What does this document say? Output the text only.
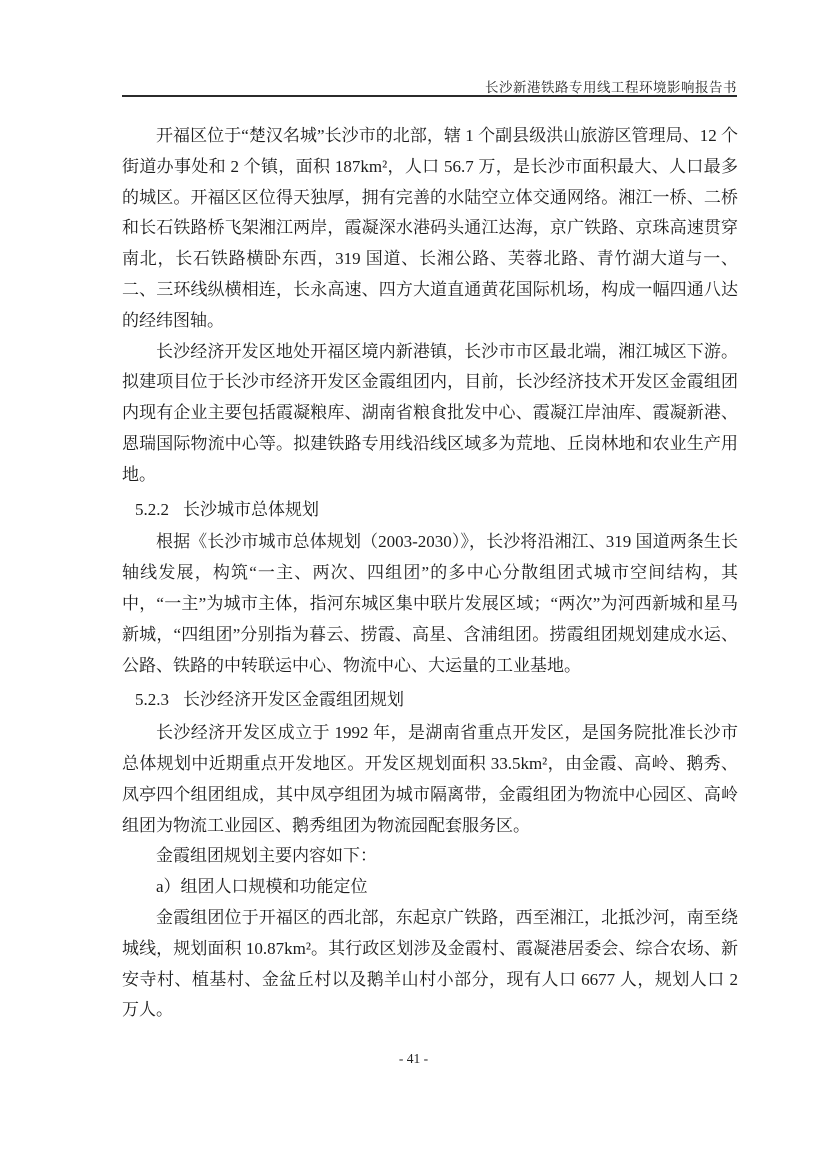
长沙新港铁路专用线工程环境影响报告书

开福区位于“楚汉名城”长沙市的北部，辖 1 个副县级洪山旅游区管理局、12 个街道办事处和 2 个镇，面积 187km²，人口 56.7 万，是长沙市面积最大、人口最多的城区。开福区区位得天独厚，拥有完善的水陆空立体交通网络。湘江一桥、二桥和长石铁路桥飞架湘江两岸，霞凝深水港码头通江达海，京广铁路、京珠高速贯穿南北，长石铁路横卧东西，319 国道、长湘公路、芙蓉北路、青竹湖大道与一、二、三环线纵横相连，长永高速、四方大道直通黄花国际机场，构成一幅四通八达的经纬图轴。

长沙经济开发区地处开福区境内新港镇，长沙市市区最北端，湘江城区下游。拟建项目位于长沙市经济开发区金霞组团内，目前，长沙经济技术开发区金霞组团内现有企业主要包括霞凝粮库、湖南省粮食批发中心、霞凝江岸油库、霞凝新港、恩瑞国际物流中心等。拟建铁路专用线沿线区域多为荒地、丘岗林地和农业生产用地。

5.2.2 长沙城市总体规划

根据《长沙市城市总体规划（2003-2030）》，长沙将沿湘江、319 国道两条生长轴线发展，构筑“一主、两次、四组团”的多中心分散组团式城市空间结构，其中，“一主”为城市主体，指河东城区集中联片发展区域；“两次”为河西新城和星马新城，“四组团”分别指为暮云、捞霞、高星、含浦组团。捞霞组团规划建成水运、公路、铁路的中转联运中心、物流中心、大运量的工业基地。

5.2.3 长沙经济开发区金霞组团规划

长沙经济开发区成立于 1992 年，是湖南省重点开发区，是国务院批准长沙市总体规划中近期重点开发地区。开发区规划面积 33.5km²，由金霞、高岭、鹅秀、凤亭四个组团组成，其中凤亭组团为城市隔离带，金霞组团为物流中心园区、高岭组团为物流工业园区、鹅秀组团为物流园配套服务区。

金霞组团规划主要内容如下：

a）组团人口规模和功能定位

金霞组团位于开福区的西北部，东起京广铁路，西至湘江，北抵沙河，南至绕城线，规划面积 10.87km²。其行政区划涉及金霞村、霞凝港居委会、综合农场、新安寺村、植基村、金盆丘村以及鹅羊山村小部分，现有人口 6677 人，规划人口 2 万人。

- 41 -
